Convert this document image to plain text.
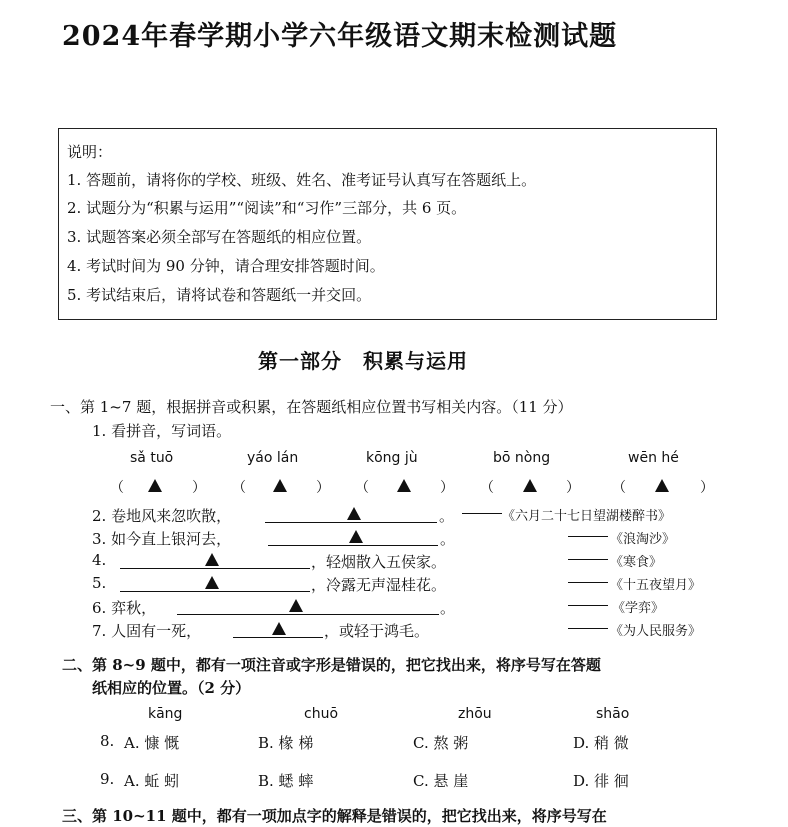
2024年春学期小学六年级语文期末检测试题
说明：
1. 答题前，请将你的学校、班级、姓名、准考证号认真写在答题纸上。
2. 试题分为“积累与运用”“阅读”和“习作”三部分，共 6 页。
3. 试题答案必须全部写在答题纸的相应位置。
4. 考试时间为 90 分钟，请合理安排答题时间。
5. 考试结束后，请将试卷和答题纸一并交回。
第一部分　积累与运用
一、第 1~7 题，根据拼音或积累，在答题纸相应位置书写相关内容。（11 分）
1. 看拼音，写词语。
sǎ tuō	yáo lán	kōng jù	bō nòng	wēn hé
（	） （	） （	） （	） （	）
2. 卷地风来忽吹散，	。	《六月二十七日望湖楼醉书》
3. 如今直上银河去，	。	《浪淘沙》
4.	，轻烟散入五侯家。	《寒食》
5.	，冷露无声湿桂花。	《十五夜望月》
6. 弈秋，	。	《学弈》
7. 人固有一死，	，或轻于鸿毛。	《为人民服务》
二、第 8~9 题中，都有一项注音或字形是错误的，把它找出来，将序号写在答题
纸相应的位置。（2 分）
kāng	chuō	zhōu	shāo
8. A. 慷 慨	B. 椽 梯	C. 熬 粥	D. 稍 微
9. A. 蚯 蚓	B. 蟋 蟀	C. 悬 崖	D. 徘 徊
三、第 10~11 题中，都有一项加点字的解释是错误的，把它找出来，将序号写在
